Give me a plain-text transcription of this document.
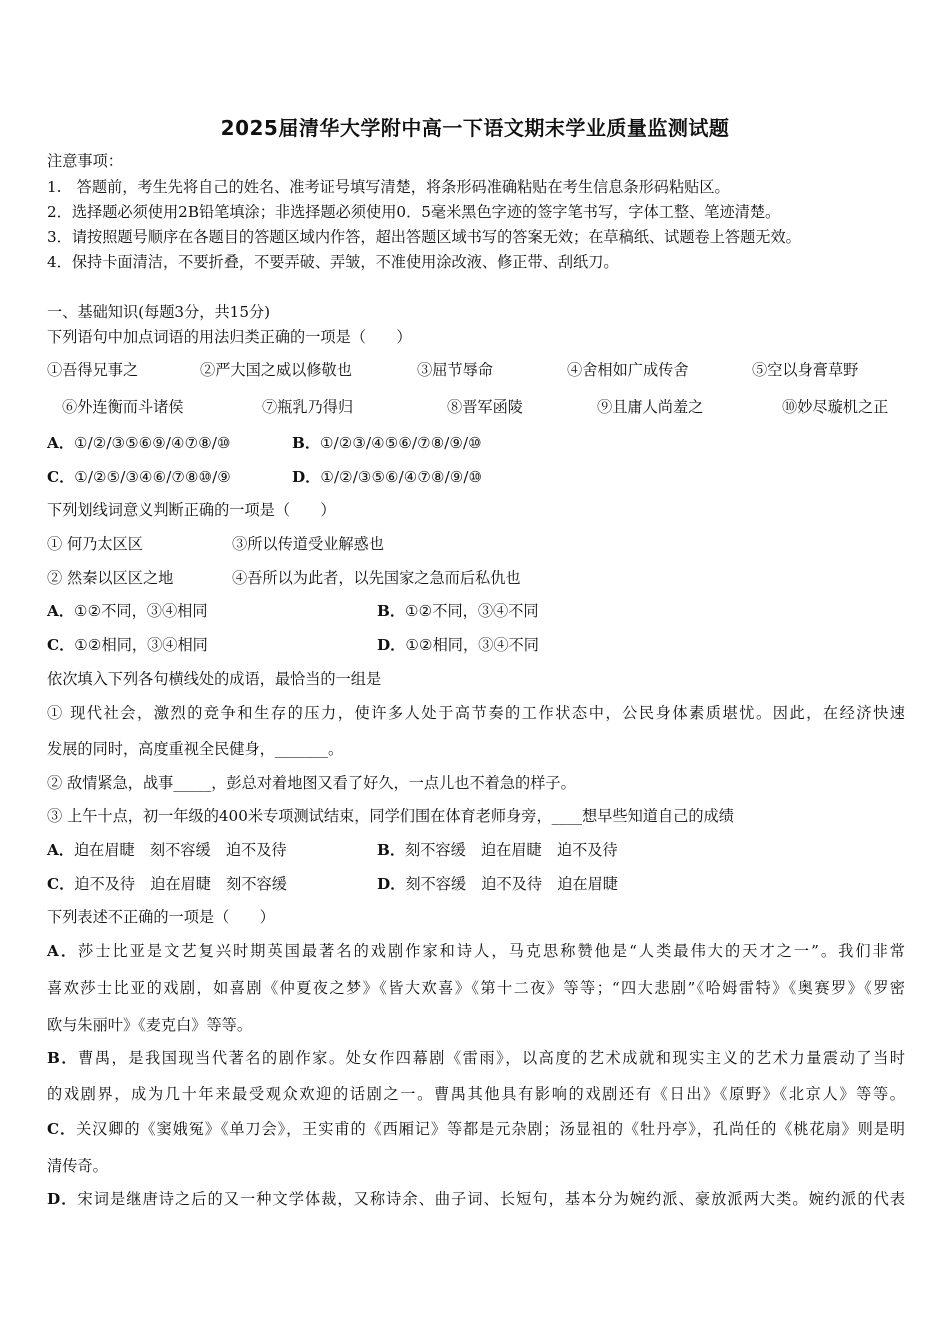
2025届清华大学附中高一下语文期末学业质量监测试题
注意事项：
1.　答题前，考生先将自己的姓名、准考证号填写清楚，将条形码准确粘贴在考生信息条形码粘贴区。
2．选择题必须使用2B铅笔填涂；非选择题必须使用0．5毫米黑色字迹的签字笔书写，字体工整、笔迹清楚。
3．请按照题号顺序在各题目的答题区域内作答，超出答题区域书写的答案无效；在草稿纸、试题卷上答题无效。
4．保持卡面清洁，不要折叠，不要弄破、弄皱，不准使用涂改液、修正带、刮纸刀。
一、基础知识(每题3分，共15分)
下列语句中加点词语的用法归类正确的一项是（　　）
①吾得兄事之	②严大国之威以修敬也	③屈节辱命	④舍相如广成传舍	⑤空以身膏草野
⑥外连衡而斗诸侯	⑦瓶乳乃得归	⑧晋军函陵	⑨且庸人尚羞之	⑩妙尽璇机之正
A．①/②/③⑤⑥⑨/④⑦⑧/⑩	B．①/②③/④⑤⑥/⑦⑧/⑨/⑩
C．①/②⑤/③④⑥/⑦⑧⑩/⑨	D．①/②/③⑤⑥/④⑦⑧/⑨/⑩
下列划线词意义判断正确的一项是（　　）
① 何乃太区区	③所以传道受业解惑也
② 然秦以区区之地	④吾所以为此者，以先国家之急而后私仇也
A．①②不同，③④相同	B．①②不同，③④不同
C．①②相同，③④相同	D．①②相同，③④不同
依次填入下列各句横线处的成语，最恰当的一组是
① 现代社会，激烈的竞争和生存的压力，使许多人处于高节奏的工作状态中，公民身体素质堪忧。因此，在经济快速
发展的同时，高度重视全民健身，_______。
② 敌情紧急，战事_____，彭总对着地图又看了好久，一点儿也不着急的样子。
③ 上午十点，初一年级的400米专项测试结束，同学们围在体育老师身旁，____想早些知道自己的成绩
A．迫在眉睫　刻不容缓　迫不及待	B．刻不容缓　迫在眉睫　迫不及待
C．迫不及待　迫在眉睫　刻不容缓	D．刻不容缓　迫不及待　迫在眉睫
下列表述不正确的一项是（　　）
A．莎士比亚是文艺复兴时期英国最著名的戏剧作家和诗人，马克思称赞他是“人类最伟大的天才之一”。我们非常
喜欢莎士比亚的戏剧，如喜剧《仲夏夜之梦》《皆大欢喜》《第十二夜》等等；“四大悲剧”《哈姆雷特》《奥赛罗》《罗密
欧与朱丽叶》《麦克白》等等。
B．曹禺，是我国现当代著名的剧作家。处女作四幕剧《雷雨》，以高度的艺术成就和现实主义的艺术力量震动了当时
的戏剧界，成为几十年来最受观众欢迎的话剧之一。曹禺其他具有影响的戏剧还有《日出》《原野》《北京人》等等。
C．关汉卿的《窦娥冤》《单刀会》，王实甫的《西厢记》等都是元杂剧；汤显祖的《牡丹亭》，孔尚任的《桃花扇》则是明
清传奇。
D．宋词是继唐诗之后的又一种文学体裁，又称诗余、曲子词、长短句，基本分为婉约派、豪放派两大类。婉约派的代表
